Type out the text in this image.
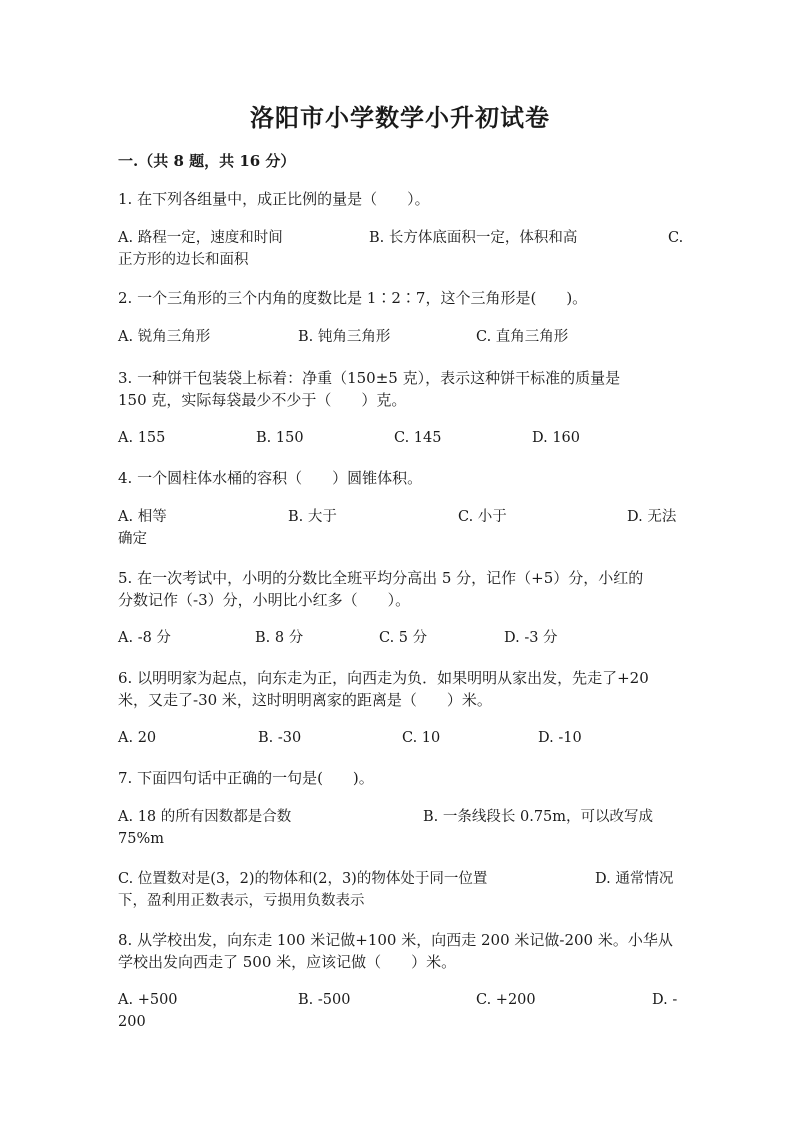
洛阳市小学数学小升初试卷
一.（共 8 题，共 16 分）

1. 在下列各组量中，成正比例的量是（　　）。

A. 路程一定，速度和时间	B. 长方体底面积一定，体积和高	C.
正方形的边长和面积

2. 一个三角形的三个内角的度数比是 1∶2∶7，这个三角形是(　　)。

A. 锐角三角形	B. 钝角三角形	C. 直角三角形

3. 一种饼干包装袋上标着：净重（150±5 克），表示这种饼干标准的质量是

150 克，实际每袋最少不少于（　　）克。

A. 155	B. 150	C. 145	D. 160

4. 一个圆柱体水桶的容积（　　）圆锥体积。

A. 相等	B. 大于	C. 小于	D. 无法
确定

5. 在一次考试中，小明的分数比全班平均分高出 5 分，记作（+5）分，小红的

分数记作（-3）分，小明比小红多（　　）。

A. -8 分	B. 8 分	C. 5 分	D. -3 分

6. 以明明家为起点，向东走为正，向西走为负．如果明明从家出发，先走了+20

米，又走了-30 米，这时明明离家的距离是（　　）米。

A. 20	B. -30	C. 10	D. -10

7. 下面四句话中正确的一句是(　　)。

A. 18 的所有因数都是合数	B. 一条线段长 0.75m，可以改写成
75%m
C. 位置数对是(3，2)的物体和(2，3)的物体处于同一位置	D. 通常情况
下，盈利用正数表示，亏损用负数表示

8. 从学校出发，向东走 100 米记做+100 米，向西走 200 米记做-200 米。小华从

学校出发向西走了 500 米，应该记做（　　）米。

A. +500	B. -500	C. +200	D. -
200
